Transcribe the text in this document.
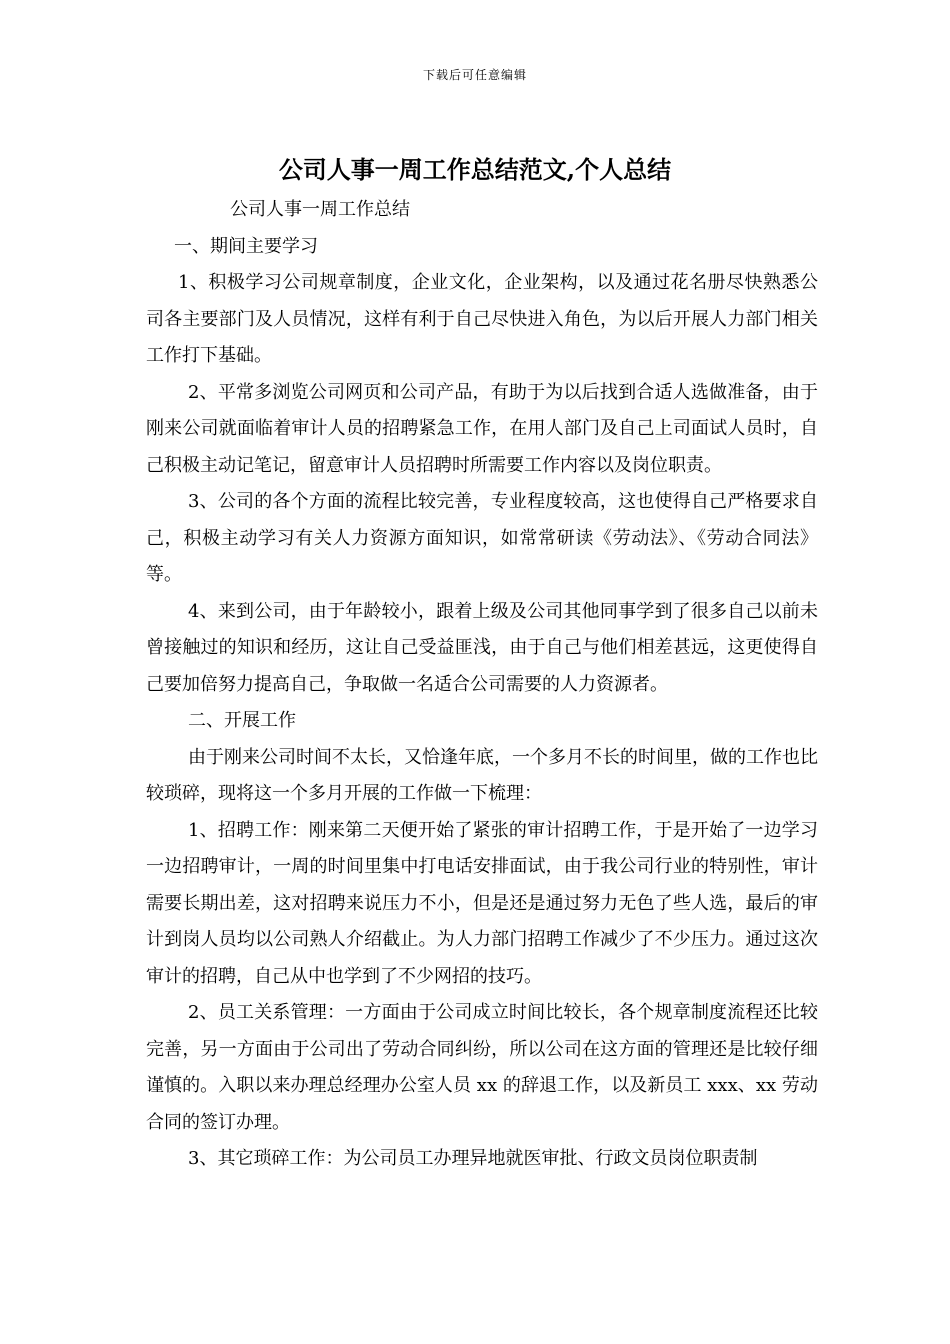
下载后可任意编辑
公司人事一周工作总结范文,个人总结

公司人事一周工作总结

一、期间主要学习

1、积极学习公司规章制度，企业文化，企业架构，以及通过花名册尽快熟悉公司各主要部门及人员情况，这样有利于自己尽快进入角色，为以后开展人力部门相关工作打下基础。

2、平常多浏览公司网页和公司产品，有助于为以后找到合适人选做准备，由于刚来公司就面临着审计人员的招聘紧急工作，在用人部门及自己上司面试人员时，自己积极主动记笔记，留意审计人员招聘时所需要工作内容以及岗位职责。

3、公司的各个方面的流程比较完善，专业程度较高，这也使得自己严格要求自己，积极主动学习有关人力资源方面知识，如常常研读《劳动法》、《劳动合同法》等。

4、来到公司，由于年龄较小，跟着上级及公司其他同事学到了很多自己以前未曾接触过的知识和经历，这让自己受益匪浅，由于自己与他们相差甚远，这更使得自己要加倍努力提高自己，争取做一名适合公司需要的人力资源者。

二、开展工作

由于刚来公司时间不太长，又恰逢年底，一个多月不长的时间里，做的工作也比较琐碎，现将这一个多月开展的工作做一下梳理：

1、招聘工作：刚来第二天便开始了紧张的审计招聘工作，于是开始了一边学习一边招聘审计，一周的时间里集中打电话安排面试，由于我公司行业的特别性，审计需要长期出差，这对招聘来说压力不小，但是还是通过努力无色了些人选，最后的审计到岗人员均以公司熟人介绍截止。为人力部门招聘工作减少了不少压力。通过这次审计的招聘，自己从中也学到了不少网招的技巧。

2、员工关系管理：一方面由于公司成立时间比较长，各个规章制度流程还比较完善，另一方面由于公司出了劳动合同纠纷，所以公司在这方面的管理还是比较仔细谨慎的。入职以来办理总经理办公室人员 xx 的辞退工作，以及新员工 xxx、xx 劳动合同的签订办理。

3、其它琐碎工作：为公司员工办理异地就医审批、行政文员岗位职责制
